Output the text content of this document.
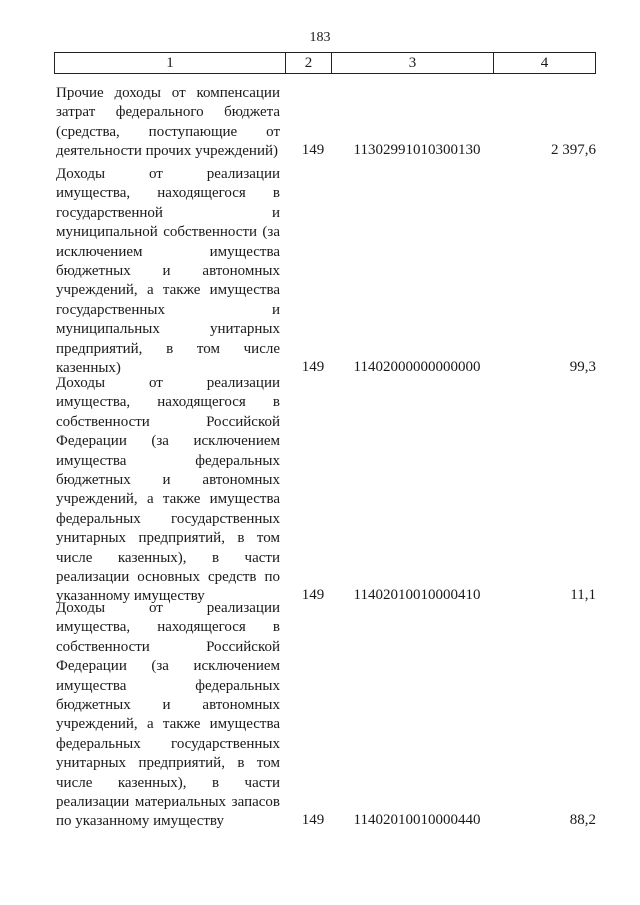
183
1	2	3	4
Прочие доходы от компенсации
затрат федерального бюджета
(средства, поступающие от
деятельности прочих учреждений) 149	11302991010300130	2 397,6
Доходы от реализации
имущества, находящегося в
государственной и
муниципальной собственности (за
исключением имущества
бюджетных и автономных
учреждений, а также имущества
государственных и
муниципальных унитарных
предприятий, в том числе
казенных)	149	11402000000000000	99,3
Доходы от реализации
имущества, находящегося в
собственности Российской
Федерации (за исключением
имущества федеральных
бюджетных и автономных
учреждений, а также имущества
федеральных государственных
унитарных предприятий, в том
числе казенных), в части
реализации основных средств по
указанному имуществу	149	11402010010000410	11,1
Доходы от реализации
имущества, находящегося в
собственности Российской
Федерации (за исключением
имущества федеральных
бюджетных и автономных
учреждений, а также имущества
федеральных государственных
унитарных предприятий, в том
числе казенных), в части
реализации материальных запасов
по указанному имуществу	149	11402010010000440	88,2
